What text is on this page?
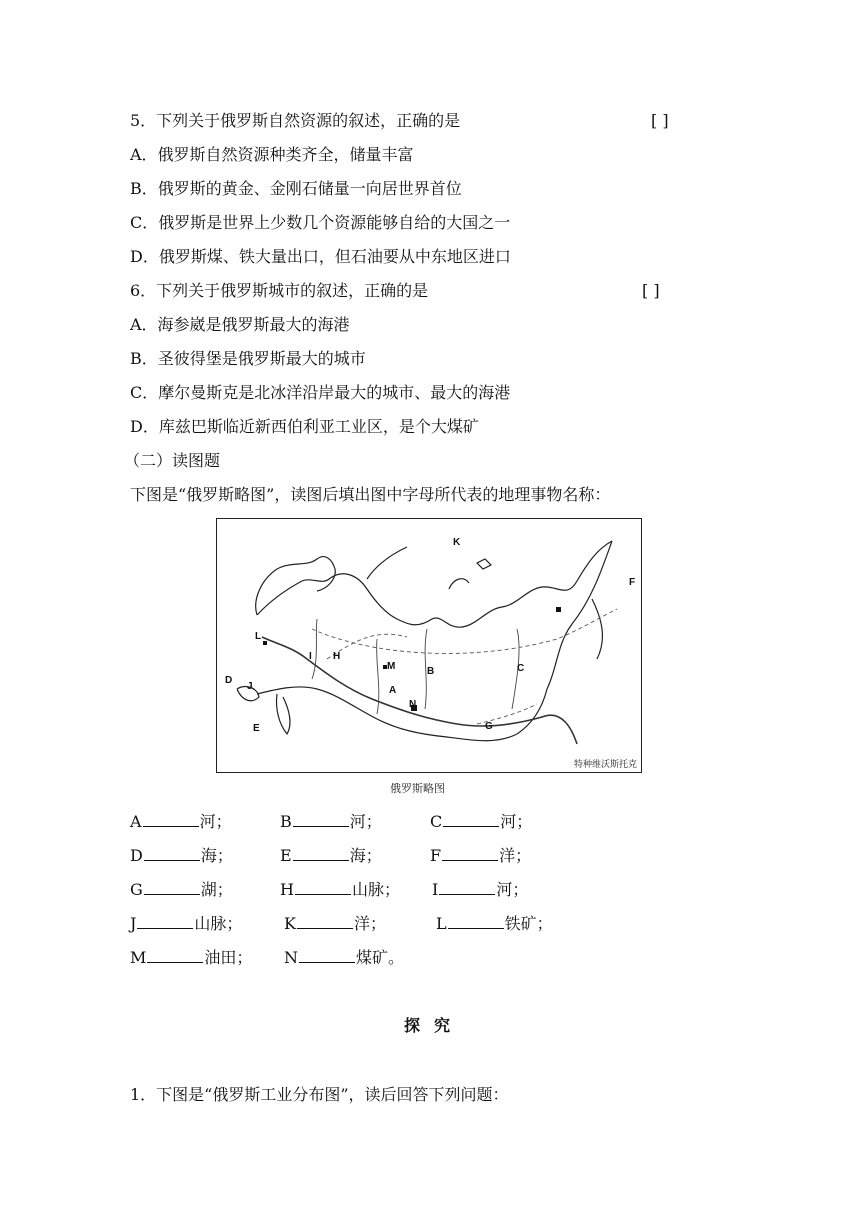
5．下列关于俄罗斯自然资源的叙述，正确的是	[ ]
A．俄罗斯自然资源种类齐全，储量丰富
B．俄罗斯的黄金、金刚石储量一向居世界首位
C．俄罗斯是世界上少数几个资源能够自给的大国之一
D．俄罗斯煤、铁大量出口，但石油要从中东地区进口
6．下列关于俄罗斯城市的叙述，正确的是	[ ]
A．海参崴是俄罗斯最大的海港
B．圣彼得堡是俄罗斯最大的城市
C．摩尔曼斯克是北冰洋沿岸最大的城市、最大的海港
D．库兹巴斯临近新西伯利亚工业区，是个大煤矿
（二）读图题
下图是“俄罗斯略图”，读图后填出图中字母所代表的地理事物名称：
K
F
C
B
A
M
N
G
H
I
J
D
E
L
特种维沃斯托克
俄罗斯略图
A	河；	B	河；	C	河；
D	海；	E	海；	F	洋；
G	湖；	H	山脉； I	河；
J	山脉；	K	洋；	L	铁矿；
M	油田； N	煤矿。
探究
1．下图是“俄罗斯工业分布图”，读后回答下列问题：
